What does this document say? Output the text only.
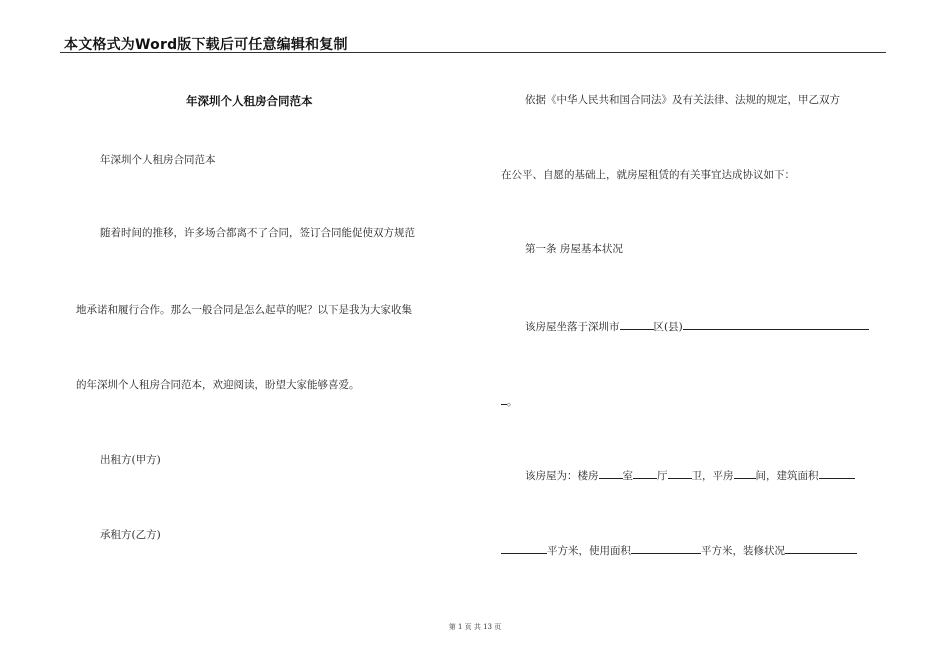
本文格式为Word版下载后可任意编辑和复制
年深圳个人租房合同范本
年深圳个人租房合同范本
随着时间的推移，许多场合都离不了合同，签订合同能促使双方规范
地承诺和履行合作。那么一般合同是怎么起草的呢？以下是我为大家收集
的年深圳个人租房合同范本，欢迎阅读，盼望大家能够喜爱。
出租方(甲方)
承租方(乙方)
依据《中华人民共和国合同法》及有关法律、法规的规定，甲乙双方
在公平、自愿的基础上，就房屋租赁的有关事宜达成协议如下：
第一条 房屋基本状况
该房屋坐落于深圳市	区(县)
。
该房屋为：楼房 室 厅 卫，平房 间，建筑面积
平方米，使用面积	平方米，装修状况
第 1 页 共 13 页
